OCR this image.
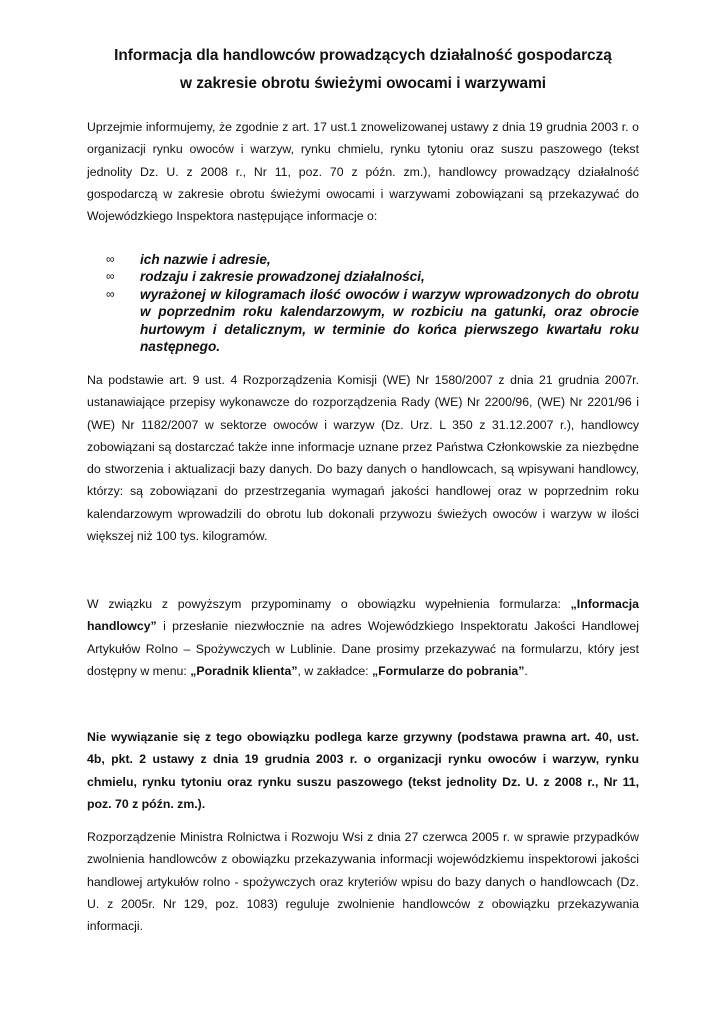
Informacja dla handlowców prowadzących działalność gospodarczą
w zakresie obrotu świeżymi owocami i warzywami

Uprzejmie informujemy, że zgodnie z art. 17 ust.1 znowelizowanej ustawy z dnia 19 grudnia 2003 r. o organizacji rynku owoców i warzyw, rynku chmielu, rynku tytoniu oraz suszu paszowego (tekst jednolity Dz. U. z 2008 r., Nr 11, poz. 70 z późn. zm.), handlowcy prowadzący działalność gospodarczą w zakresie obrotu świeżymi owocami i warzywami zobowiązani są przekazywać do Wojewódzkiego Inspektora następujące informacje o:

∞ ich nazwie i adresie,
∞ rodzaju i zakresie prowadzonej działalności,
∞ wyrażonej w kilogramach ilość owoców i warzyw wprowadzonych do obrotu w poprzednim roku kalendarzowym, w rozbiciu na gatunki, oraz obrocie hurtowym i detalicznym, w terminie do końca pierwszego kwartału roku następnego.

Na podstawie art. 9 ust. 4 Rozporządzenia Komisji (WE) Nr 1580/2007 z dnia 21 grudnia 2007r. ustanawiające przepisy wykonawcze do rozporządzenia Rady (WE) Nr 2200/96, (WE) Nr 2201/96 i (WE) Nr 1182/2007 w sektorze owoców i warzyw (Dz. Urz. L 350 z 31.12.2007 r.), handlowcy zobowiązani są dostarczać także inne informacje uznane przez Państwa Członkowskie za niezbędne do stworzenia i aktualizacji bazy danych. Do bazy danych o handlowcach, są wpisywani handlowcy, którzy: są zobowiązani do przestrzegania wymagań jakości handlowej oraz w poprzednim roku kalendarzowym wprowadzili do obrotu lub dokonali przywozu świeżych owoców i warzyw w ilości większej niż 100 tys. kilogramów.

W związku z powyższym przypominamy o obowiązku wypełnienia formularza: „Informacja handlowcy” i przesłanie niezwłocznie na adres Wojewódzkiego Inspektoratu Jakości Handlowej Artykułów Rolno – Spożywczych w Lublinie. Dane prosimy przekazywać na formularzu, który jest dostępny w menu: „Poradnik klienta”, w zakładce: „Formularze do pobrania”.

Nie wywiązanie się z tego obowiązku podlega karze grzywny (podstawa prawna art. 40, ust. 4b, pkt. 2 ustawy z dnia 19 grudnia 2003 r. o organizacji rynku owoców i warzyw, rynku chmielu, rynku tytoniu oraz rynku suszu paszowego (tekst jednolity Dz. U. z 2008 r., Nr 11, poz. 70 z późn. zm.).

Rozporządzenie Ministra Rolnictwa i Rozwoju Wsi z dnia 27 czerwca 2005 r. w sprawie przypadków zwolnienia handlowców z obowiązku przekazywania informacji wojewódzkiemu inspektorowi jakości handlowej artykułów rolno - spożywczych oraz kryteriów wpisu do bazy danych o handlowcach (Dz. U. z 2005r. Nr 129, poz. 1083) reguluje zwolnienie handlowców z obowiązku przekazywania informacji.
